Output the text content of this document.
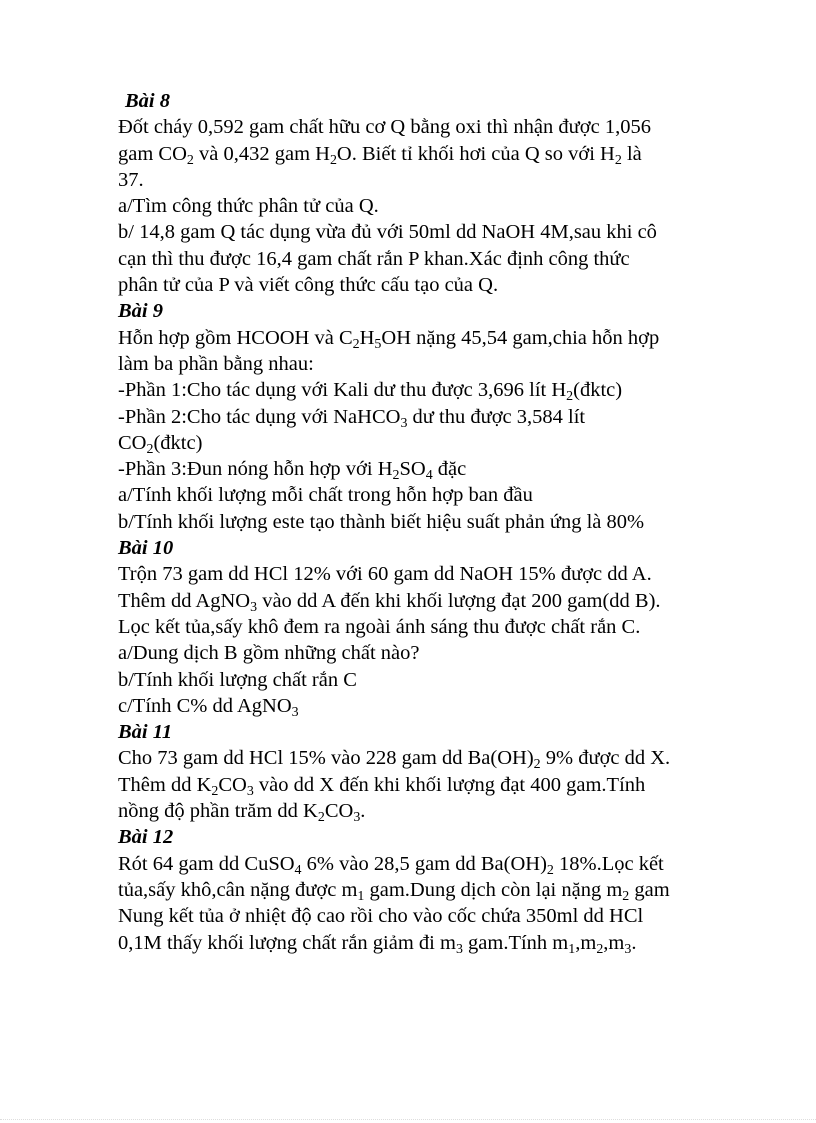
Bài 8
Đốt cháy 0,592 gam chất hữu cơ Q bằng oxi thì nhận được 1,056
gam $CO_2$ và 0,432 gam $H_2O$. Biết tỉ khối hơi của Q so với $H_2$ là
37.
a/Tìm công thức phân tử của Q.
b/ 14,8 gam Q tác dụng vừa đủ với 50ml dd NaOH 4M,sau khi cô
cạn thì thu được 16,4 gam chất rắn P khan.Xác định công thức
phân tử của P và viết công thức cấu tạo của Q.
Bài 9
Hỗn hợp gồm HCOOH và $C_2H_5OH$ nặng 45,54 gam,chia hỗn hợp
làm ba phần bằng nhau:
-Phần 1:Cho tác dụng với Kali dư thu được 3,696 lít $H_2(đktc)$
-Phần 2:Cho tác dụng với NaHCO$_3$ dư thu được 3,584 lít
$CO_2(đktc)$
-Phần 3:Đun nóng hỗn hợp với $H_2SO_4$ đặc
a/Tính khối lượng mỗi chất trong hỗn hợp ban đầu
b/Tính khối lượng este tạo thành biết hiệu suất phản ứng là 80%
Bài 10
Trộn 73 gam dd HCl 12% với 60 gam dd NaOH 15% được dd A.
Thêm dd AgNO$_3$ vào dd A đến khi khối lượng đạt 200 gam(dd B).
Lọc kết tủa,sấy khô đem ra ngoài ánh sáng thu được chất rắn C.
a/Dung dịch B gồm những chất nào?
b/Tính khối lượng chất rắn C
c/Tính C% dd AgNO$_3$
Bài 11
Cho 73 gam dd HCl 15% vào 228 gam dd $Ba(OH)_2$ 9% được dd X.
Thêm dd $K_2CO_3$ vào dd X đến khi khối lượng đạt 400 gam.Tính
nồng độ phần trăm dd $K_2CO_3$.
Bài 12
Rót 64 gam dd CuSO$_4$ 6% vào 28,5 gam dd $Ba(OH)_2$ 18%.Lọc kết
tủa,sấy khô,cân nặng được $m_1$ gam.Dung dịch còn lại nặng $m_2$ gam
Nung kết tủa ở nhiệt độ cao rồi cho vào cốc chứa 350ml dd HCl
0,1M thấy khối lượng chất rắn giảm đi $m_3$ gam.Tính $m_1,m_2,m_3$.
